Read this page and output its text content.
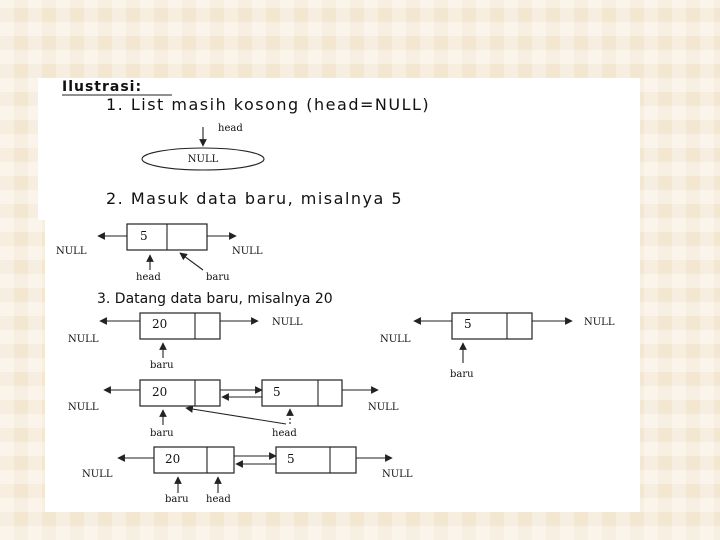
Ilustrasi:
1. List masih kosong (head=NULL)
head
NULL
2. Masuk data baru, misalnya 5
5
NULL	NULL
head	baru
3. Datang data baru, misalnya 20
20
NULL
NULL
baru
5
NULL
NULL
baru
20	5
NULL	NULL
baru	head
20	5
NULL	NULL
baru head
